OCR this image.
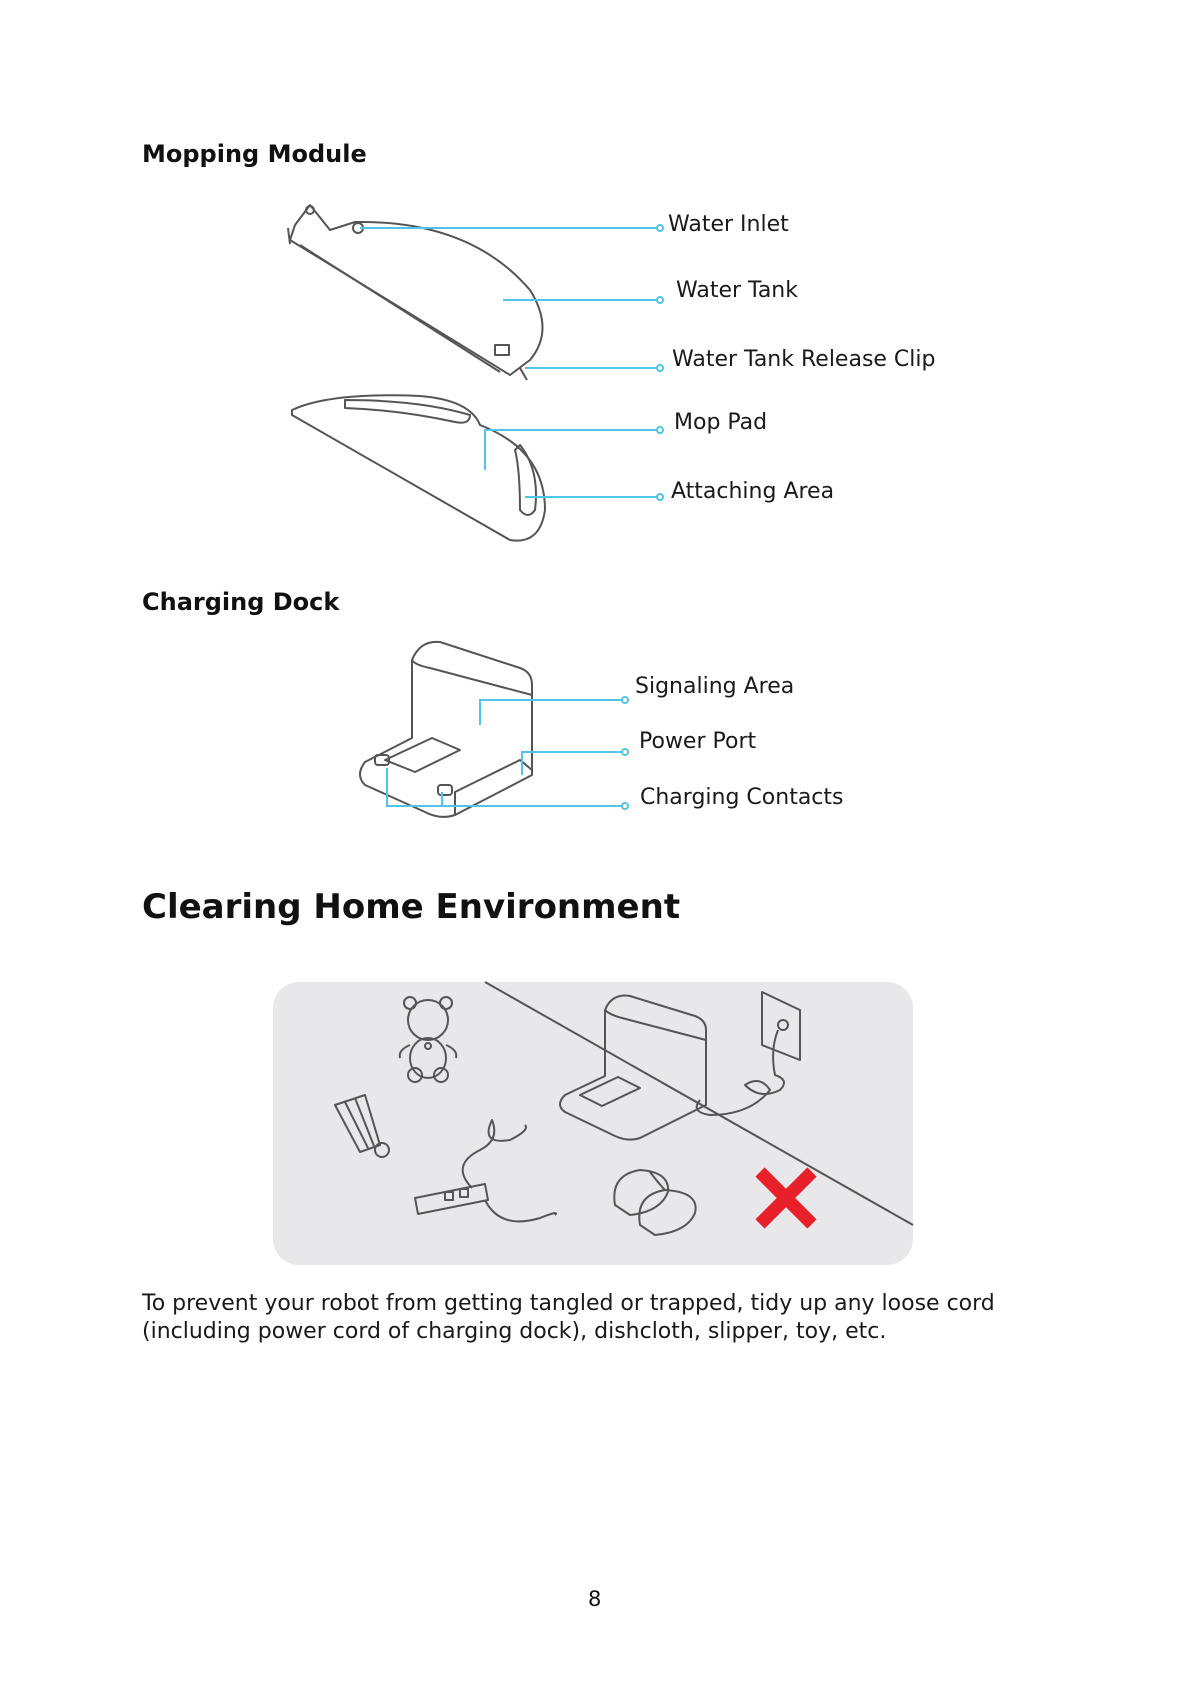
Mopping Module
Water Inlet
Water Tank
Water Tank Release Clip
Mop Pad
Attaching Area
Charging Dock
Signaling Area
Power Port
Charging Contacts
Clearing Home Environment
To prevent your robot from getting tangled or trapped, tidy up any loose cord (including power cord of charging dock), dishcloth, slipper, toy, etc.
8
